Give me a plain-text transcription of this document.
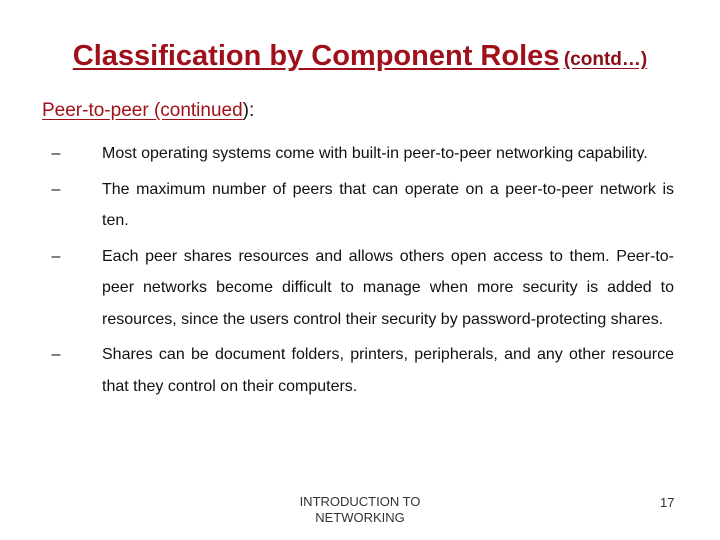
Classification by Component Roles (contd…)
Peer-to-peer (continued):
–	Most operating systems come with built-in peer-to-peer networking capability.
–	The maximum number of peers that can operate on a peer-to-peer network is ten.
–	Each peer shares resources and allows others open access to them. Peer-to-peer networks become difficult to manage when more security is added to resources, since the users control their security by password-protecting shares.
–	Shares can be document folders, printers, peripherals, and any other resource that they control on their computers.
INTRODUCTION TO
NETWORKING
17
